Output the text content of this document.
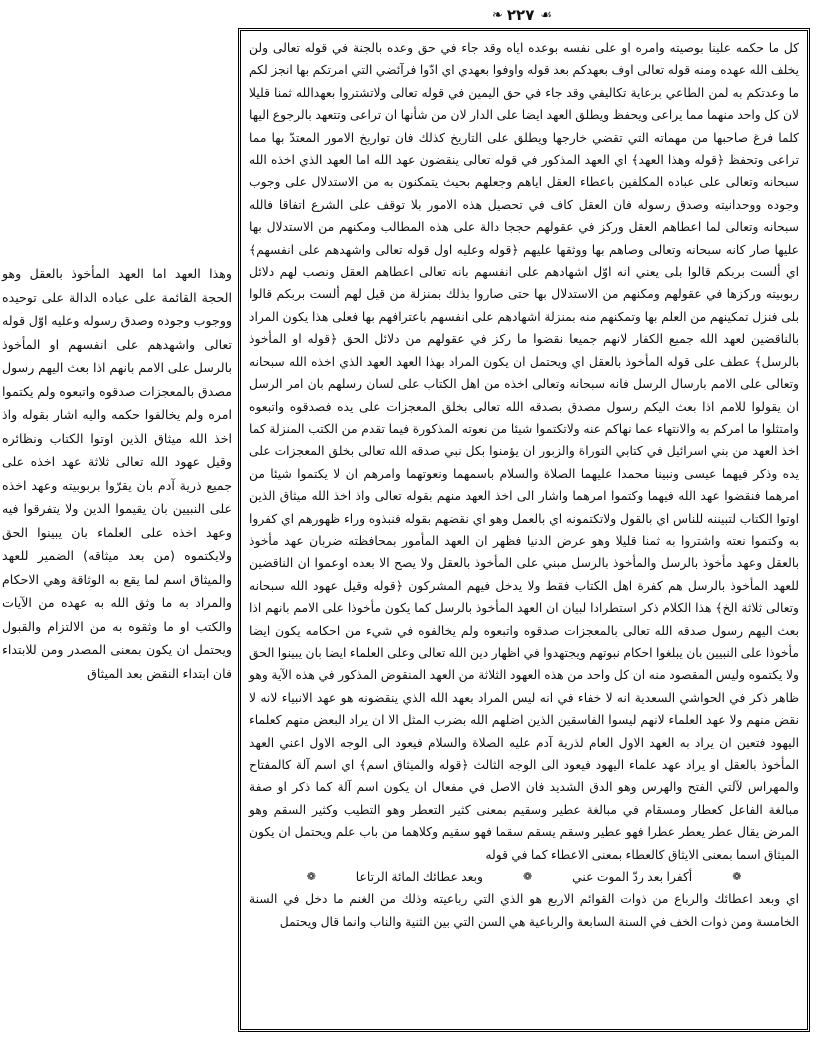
❧ ٢٢٧ ☙

كل ما حكمه علينا بوصيته وامره او على نفسه بوعده اياه وقد جاء في حق وعده بالجنة في قوله تعالى ولن يخلف الله عهده ومنه قوله تعالى اوف بعهدكم بعد قوله واوفوا بعهدي اي ادّوا فرآئضي التي امرتكم بها انجز لكم ما وعدتكم به لمن الطاعي برعاية تكاليفي وقد جاء في حق اليمين في قوله تعالى ولاتشتروا بعهدالله ثمنا قليلا لان كل واحد منهما مما يراعى ويحفظ ويطلق العهد ايضا على الدار لان من شأنها ان تراعى وتتعهد بالرجوع اليها كلما فرغ صاحبها من مهماته التي تقضي خارجها ويطلق على التاريخ كذلك فان تواريخ الامور المعتدّ بها مما تراعى وتحفظ ﴿قوله وهذا العهد﴾ اي العهد المذكور في قوله تعالى ينقضون عهد الله اما العهد الذي اخذه الله سبحانه وتعالى على عباده المكلفين باعطاء العقل اياهم وجعلهم بحيث يتمكنون به من الاستدلال على وجوب وجوده ووحدانيته وصدق رسوله فان العقل كاف في تحصيل هذه الامور بلا توقف على الشرع اتفاقا فالله سبحانه وتعالى لما اعطاهم العقل وركز في عقولهم حججا دالة على هذه المطالب ومكنهم من الاستدلال بها عليها صار كانه سبحانه وتعالى وصاهم بها ووثقها عليهم ﴿قوله وعليه اول قوله تعالى واشهدهم على انفسهم﴾ اي ألست بربكم قالوا بلى يعني انه اوّل اشهادهم على انفسهم بانه تعالى اعطاهم العقل ونصب لهم دلائل ربوبيته وركزها في عقولهم ومكنهم من الاستدلال بها حتى صاروا بذلك بمنزلة من قيل لهم ألست بربكم قالوا بلى فنزل تمكينهم من العلم بها وتمكنهم منه بمنزلة اشهادهم على انفسهم باعترافهم بها فعلى هذا يكون المراد بالناقضين لعهد الله جميع الكفار لانهم جميعا نقضوا ما ركز في عقولهم من دلائل الحق ﴿قوله او المأخوذ بالرسل﴾ عطف على قوله المأخوذ بالعقل اي ويحتمل ان يكون المراد بهذا العهد العهد الذي اخذه الله سبحانه وتعالى على الامم بارسال الرسل فانه سبحانه وتعالى اخذه من اهل الكتاب على لسان رسلهم بان امر الرسل ان يقولوا للامم اذا بعث اليكم رسول مصدق بصدقه الله تعالى بخلق المعجزات على يده فصدقوه واتبعوه وامتثلوا ما امركم به والانتهاء عما نهاكم عنه ولاتكتموا شيئا من نعوته المذكورة فيما تقدم من الكتب المنزلة كما اخذ العهد من بني اسرائيل في كتابي التوراة والزبور ان يؤمنوا بكل نبي صدقه الله تعالى بخلق المعجزات على يده وذكر فيهما عيسى ونبينا محمدا عليهما الصلاة والسلام باسمهما ونعوتهما وامرهم ان لا يكتموا شيئا من امرهما فنقضوا عهد الله فيهما وكتموا امرهما واشار الى اخذ العهد منهم بقوله تعالى واذ اخذ الله ميثاق الذين اوتوا الكتاب لتبيننه للناس اي بالقول ولاتكتمونه اي بالعمل وهو اي نقضهم بقوله فنبذوه وراء ظهورهم اي كفروا به وكتموا نعته واشتروا به ثمنا قليلا وهو عرض الدنيا فظهر ان العهد المأمور بمحافظته ضربان عهد مأخوذ بالعقل وعهد مأخوذ بالرسل والمأخوذ بالرسل مبني على المأخوذ بالعقل ولا يصح الا بعده اوعموا ان الناقضين للعهد المأخوذ بالرسل هم كفرة اهل الكتاب فقط ولا يدخل فيهم المشركون ﴿قوله وقيل عهود الله سبحانه وتعالى ثلاثة الخ﴾ هذا الكلام ذكر استطرادا لبيان ان العهد المأخوذ بالرسل كما يكون مأخوذا على الامم بانهم اذا بعث اليهم رسول صدقه الله تعالى بالمعجزات صدقوه واتبعوه ولم يخالفوه في شيء من احكامه يكون ايضا مأخوذا على النبيين بان يبلغوا احكام نبوتهم ويجتهدوا في اظهار دين الله تعالى وعلى العلماء ايضا بان يبينوا الحق ولا يكتموه وليس المقصود منه ان كل واحد من هذه العهود الثلاثة من العهد المنقوض المذكور في هذه الآية وهو ظاهر ذكر في الحواشي السعدية انه لا خفاء في انه ليس المراد بعهد الله الذي ينقضونه هو عهد الانبياء لانه لا نقض منهم ولا عهد العلماء لانهم ليسوا الفاسقين الذين اضلهم الله بضرب المثل الا ان يراد البعض منهم كعلماء اليهود فتعين ان يراد به العهد الاول العام لذرية آدم عليه الصلاة والسلام فيعود الى الوجه الاول اعني العهد المأخوذ بالعقل او يراد عهد علماء اليهود فيعود الى الوجه الثالث ﴿قوله والميثاق اسم﴾ اي اسم آلة كالمفتاح والمهراس لآلتي الفتح والهرس وهو الدق الشديد فان الاصل في مفعال ان يكون اسم آلة كما ذكر او صفة مبالغة الفاعل كعطار ومسقام في مبالغة عطير وسقيم بمعنى كثير التعطر وهو التطيب وكثير السقم وهو المرض يقال عطر يعطر عطرا فهو عطير وسقم يسقم سقما فهو سقيم وكلاهما من باب علم ويحتمل ان يكون الميثاق اسما بمعنى الايثاق كالعطاء بمعنى الاعطاء كما في قوله

❁
أكفرا بعد ردّ الموت عني
❁
وبعد عطائك المائة الرتاعا
❁

اي وبعد اعطائك والرباع من ذوات القوائم الاربع هو الذي التي رباعيته وذلك من الغنم ما دخل في السنة الخامسة ومن ذوات الخف في السنة السابعة والرباعية هي السن التي بين الثنية والناب وانما قال ويحتمل

وهذا العهد اما العهد المأخوذ بالعقل وهو الحجة القائمة على عباده الدالة على توحيده ووجوب وجوده وصدق رسوله وعليه اوّل قوله تعالى واشهدهم على انفسهم او المأخوذ بالرسل على الامم بانهم اذا بعث اليهم رسول مصدق بالمعجزات صدقوه واتبعوه ولم يكتموا امره ولم يخالفوا حكمه واليه اشار بقوله واذ اخذ الله ميثاق الذين اوتوا الكتاب ونظائره وقيل عهود الله تعالى ثلاثة عهد اخذه على جميع ذرية آدم بان يقرّوا بربوبيته وعهد اخذه على النبيين بان يقيموا الدين ولا يتفرقوا فيه وعهد اخذه على العلماء بان يبينوا الحق ولايكتموه (من بعد ميثاقه) الضمير للعهد والميثاق اسم لما يقع به الوثاقة وهي الاحكام والمراد به ما وثق الله به عهده من الآيات والكتب او ما وثقوه به من الالتزام والقبول ويحتمل ان يكون بمعنى المصدر ومن للابتداء فان ابتداء النقض بعد الميثاق
